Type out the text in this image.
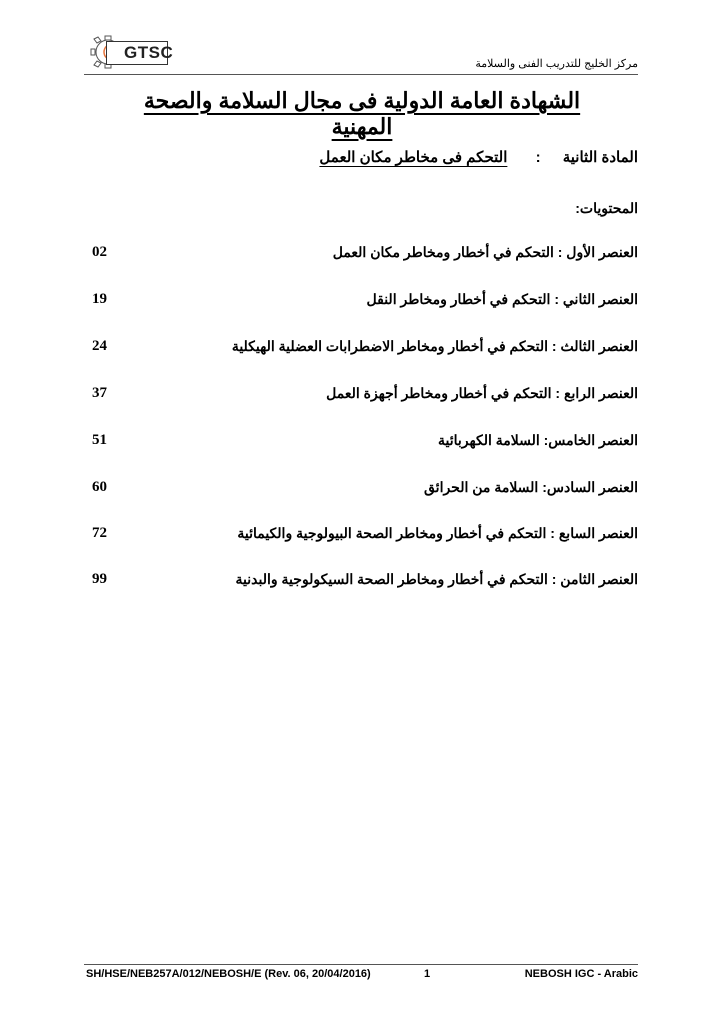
GTSC
مركز الخليج للتدريب الفنى والسلامة
الشهادة العامة الدولية فى مجال السلامة والصحة المهنية
المادة الثانية : التحكم فى مخاطر مكان العمل
المحتويات:
العنصر الأول : التحكم في أخطار ومخاطر مكان العمل
02
العنصر الثاني : التحكم في أخطار ومخاطر النقل
19
العنصر الثالث : التحكم في أخطار ومخاطر الاضطرابات العضلية الهيكلية
24
العنصر الرابع : التحكم في أخطار ومخاطر أجهزة العمل
37
العنصر الخامس: السلامة الكهربائية
51
العنصر السادس: السلامة من الحرائق
60
العنصر السابع : التحكم في أخطار ومخاطر الصحة البيولوجية والكيمائية
72
العنصر الثامن : التحكم في أخطار ومخاطر الصحة السيكولوجية والبدنية
99
SH/HSE/NEB257A/012/NEBOSH/E (Rev. 06, 20/04/2016)	1	NEBOSH IGC - Arabic
